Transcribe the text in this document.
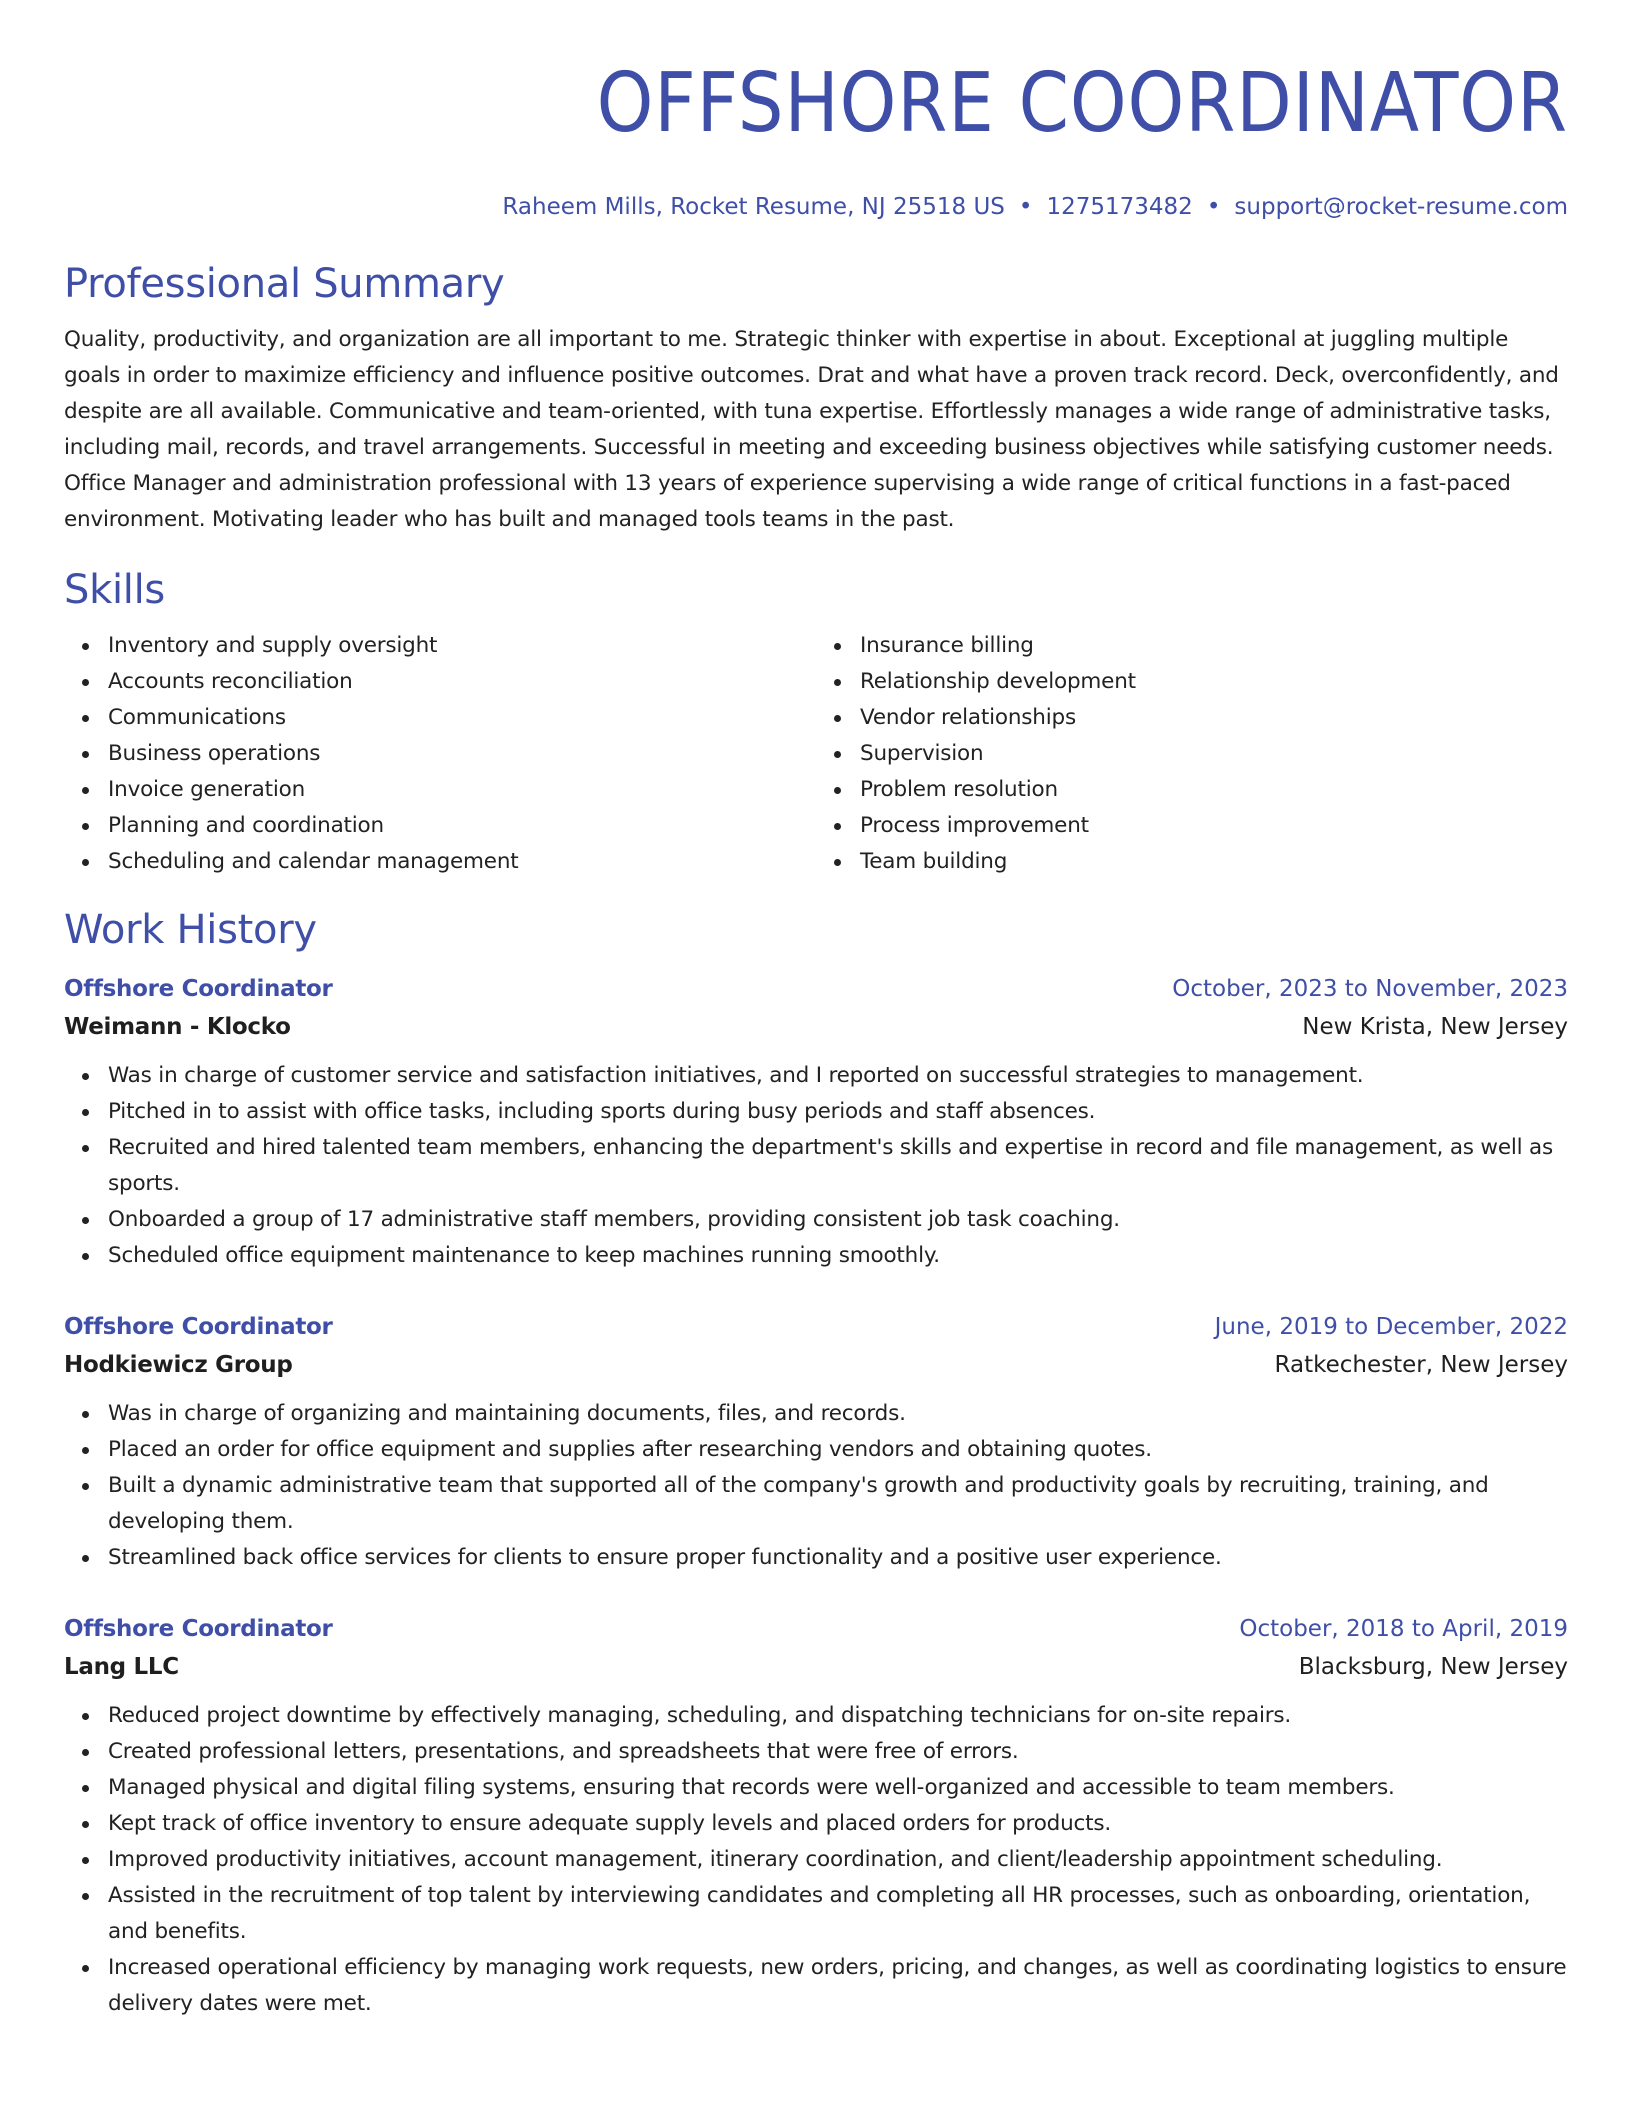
OFFSHORE COORDINATOR
Raheem Mills, Rocket Resume, NJ 25518 US • 1275173482 • support@rocket-resume.com
Professional Summary

Quality, productivity, and organization are all important to me. Strategic thinker with expertise in about. Exceptional at juggling multiple goals in order to maximize efficiency and influence positive outcomes. Drat and what have a proven track record. Deck, overconfidently, and despite are all available. Communicative and team-oriented, with tuna expertise. Effortlessly manages a wide range of administrative tasks, including mail, records, and travel arrangements. Successful in meeting and exceeding business objectives while satisfying customer needs. Office Manager and administration professional with 13 years of experience supervising a wide range of critical functions in a fast-paced environment. Motivating leader who has built and managed tools teams in the past.

Skills
Inventory and supply oversight
Accounts reconciliation
Communications
Business operations
Invoice generation
Planning and coordination
Scheduling and calendar management
Insurance billing
Relationship development
Vendor relationships
Supervision
Problem resolution
Process improvement
Team building
Work History
Offshore Coordinator	October, 2023 to November, 2023
Weimann - Klocko	New Krista, New Jersey
Was in charge of customer service and satisfaction initiatives, and I reported on successful strategies to management.
Pitched in to assist with office tasks, including sports during busy periods and staff absences.
Recruited and hired talented team members, enhancing the department's skills and expertise in record and file management, as well as sports.
Onboarded a group of 17 administrative staff members, providing consistent job task coaching.
Scheduled office equipment maintenance to keep machines running smoothly.
Offshore Coordinator	June, 2019 to December, 2022
Hodkiewicz Group	Ratkechester, New Jersey
Was in charge of organizing and maintaining documents, files, and records.
Placed an order for office equipment and supplies after researching vendors and obtaining quotes.
Built a dynamic administrative team that supported all of the company's growth and productivity goals by recruiting, training, and developing them.
Streamlined back office services for clients to ensure proper functionality and a positive user experience.
Offshore Coordinator	October, 2018 to April, 2019
Lang LLC	Blacksburg, New Jersey
Reduced project downtime by effectively managing, scheduling, and dispatching technicians for on-site repairs.
Created professional letters, presentations, and spreadsheets that were free of errors.
Managed physical and digital filing systems, ensuring that records were well-organized and accessible to team members.
Kept track of office inventory to ensure adequate supply levels and placed orders for products.
Improved productivity initiatives, account management, itinerary coordination, and client/leadership appointment scheduling.
Assisted in the recruitment of top talent by interviewing candidates and completing all HR processes, such as onboarding, orientation, and benefits.
Increased operational efficiency by managing work requests, new orders, pricing, and changes, as well as coordinating logistics to ensure delivery dates were met.
